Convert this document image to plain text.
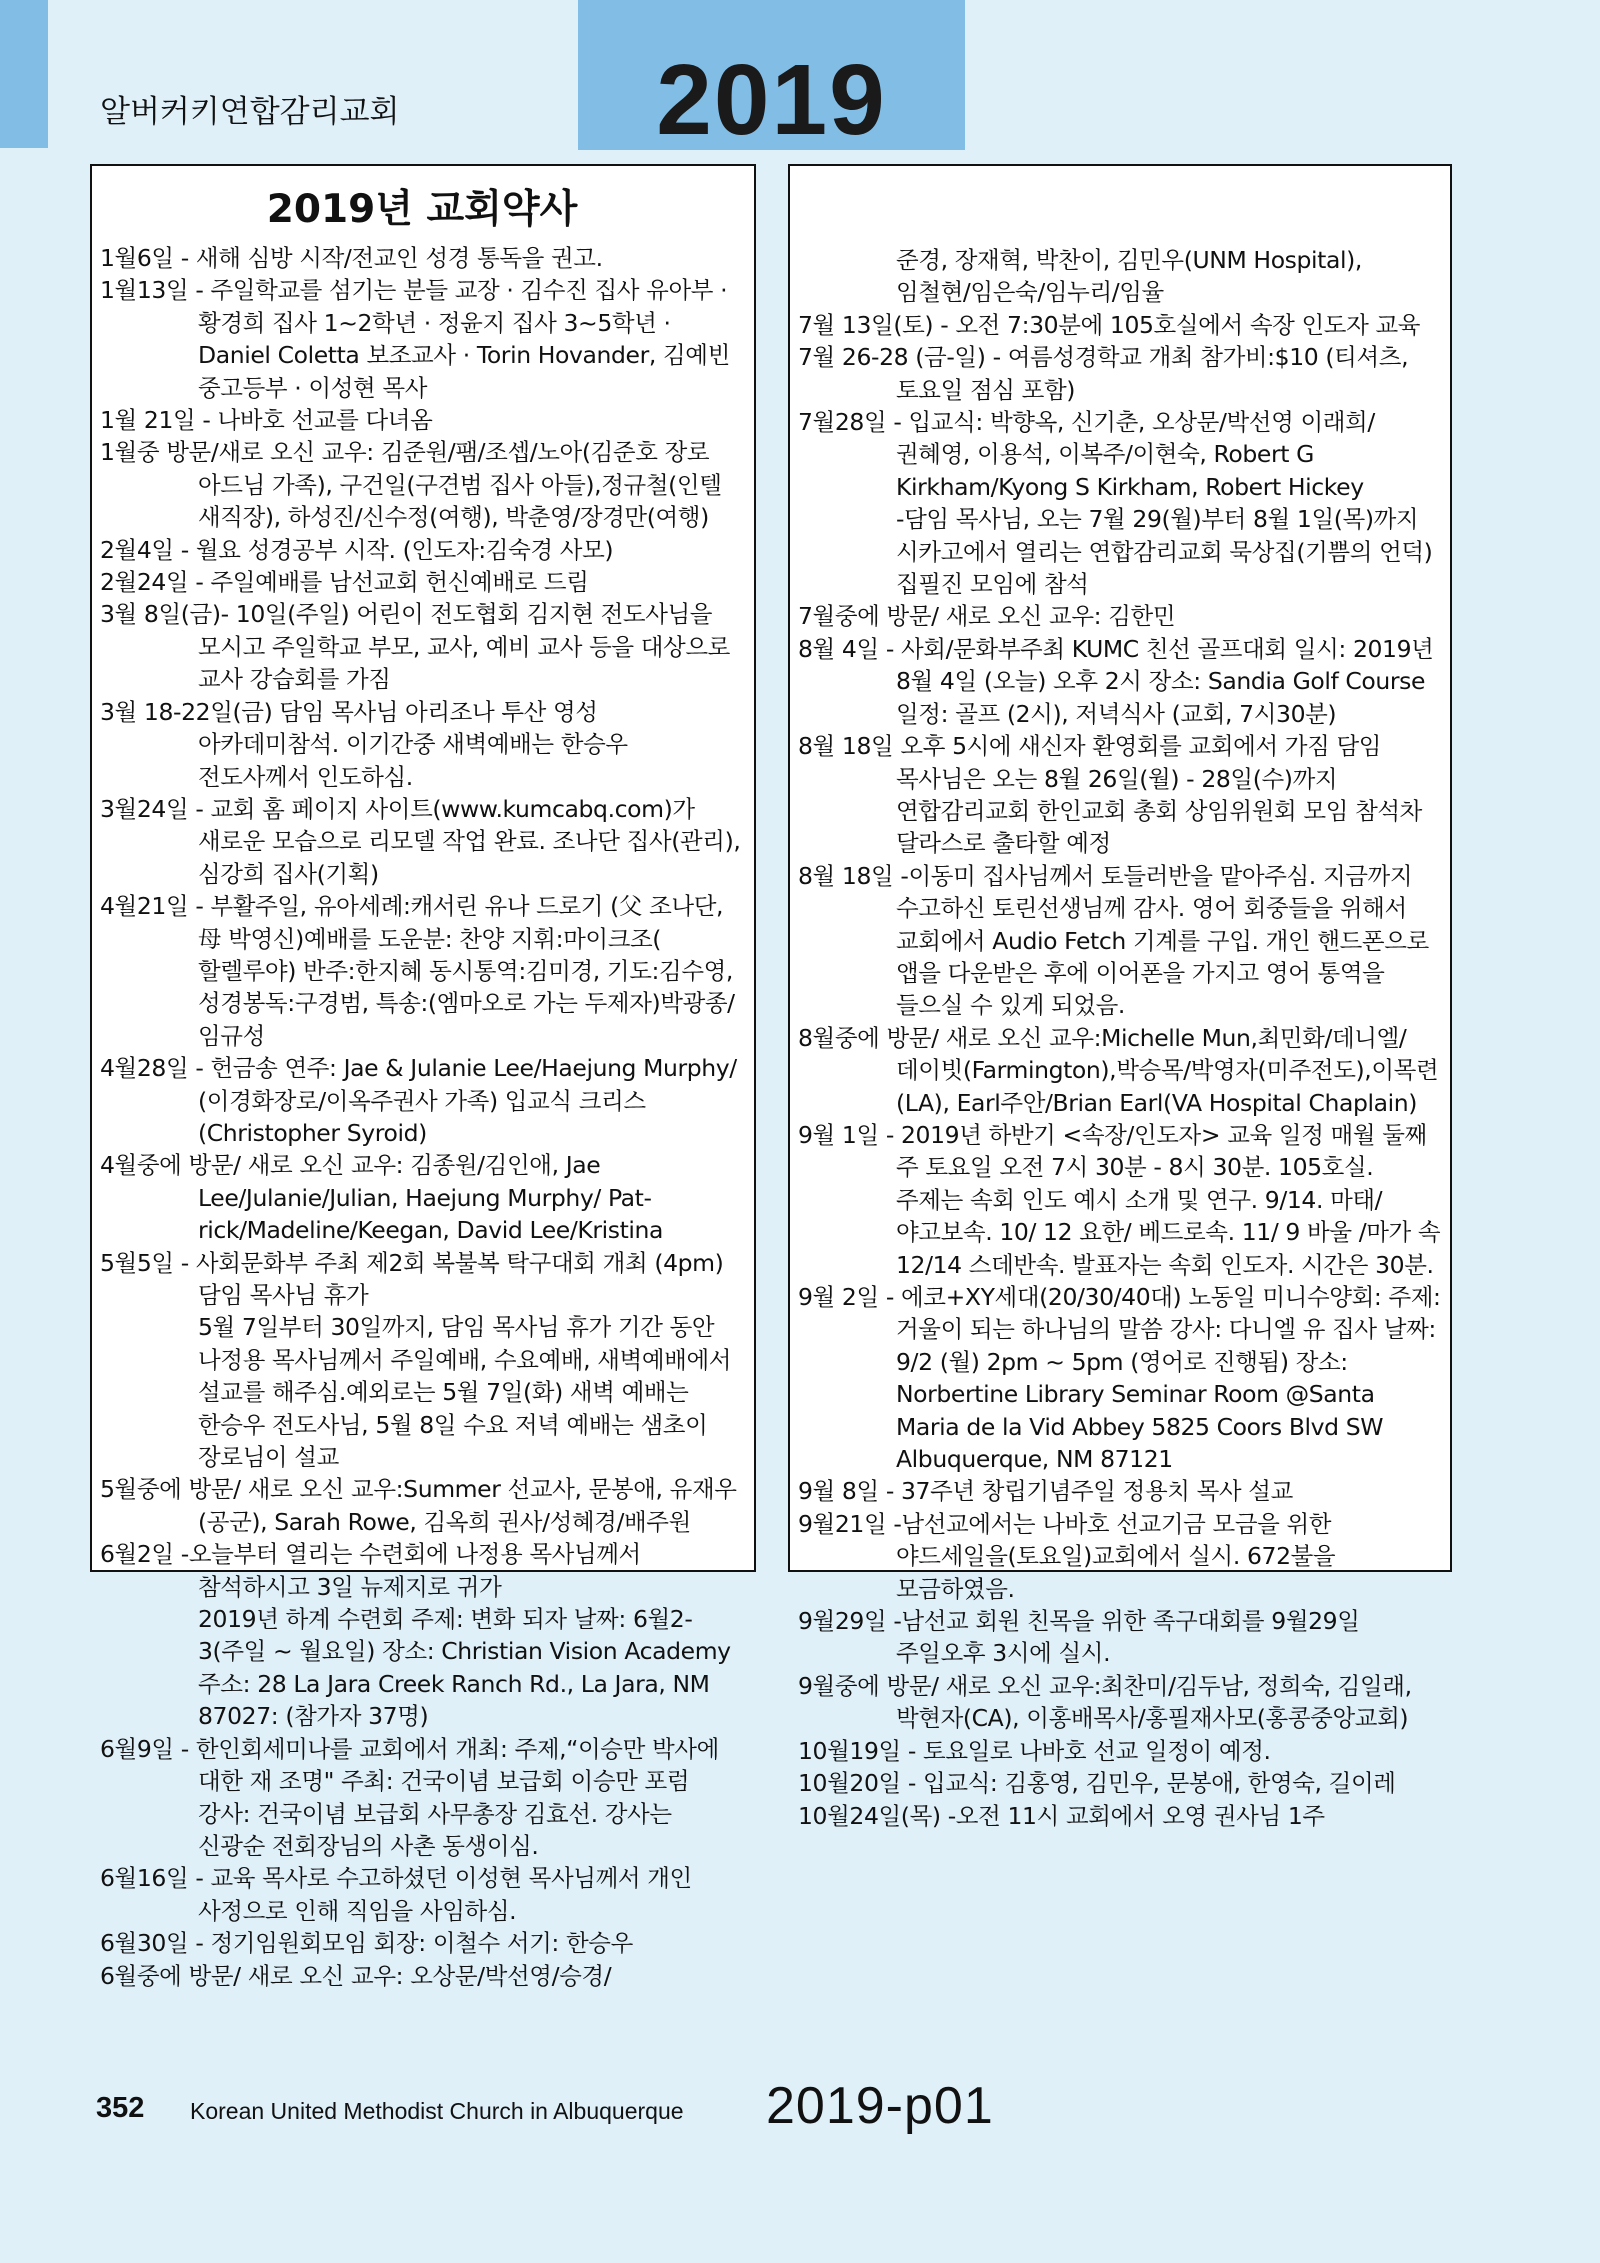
알버커키연합감리교회	2019
2019년 교회약사
1월6일 - 새해 심방 시작/전교인 성경 통독을 권고.
1월13일 - 주일학교를 섬기는 분들 교장 · 김수진 집사 유아부 · 황경희 집사 1~2학년 · 정윤지 집사 3~5학년 · Daniel Coletta 보조교사 · Torin Hovander, 김예빈 중고등부 · 이성현 목사
1월 21일 - 나바호 선교를 다녀옴
1월중 방문/새로 오신 교우: 김준원/팸/조셉/노아(김준호 장로 아드님 가족), 구건일(구견범 집사 아들),정규철(인텔 새직장), 하성진/신수정(여행), 박춘영/장경만(여행)
2월4일 - 월요 성경공부 시작. (인도자:김숙경 사모)
2월24일 - 주일예배를 남선교회 헌신예배로 드림
3월 8일(금)- 10일(주일) 어린이 전도협회 김지현 전도사님을 모시고 주일학교 부모, 교사, 예비 교사 등을 대상으로 교사 강습회를 가짐
3월 18-22일(금) 담임 목사님 아리조나 투산 영성 아카데미참석. 이기간중 새벽예배는 한승우 전도사께서 인도하심.
3월24일 - 교회 홈 페이지 사이트(www.kumcabq.com)가 새로운 모습으로 리모델 작업 완료. 조나단 집사(관리), 심강희 집사(기획)
4월21일 - 부활주일, 유아세례:캐서린 유나 드로기 (父 조나단, 母 박영신)예배를 도운분: 찬양 지휘:마이크조( 할렐루야) 반주:한지혜 동시통역:김미경, 기도:김수영, 성경봉독:구경범, 특송:(엠마오로 가는 두제자)박광종/임규성
4월28일 - 헌금송 연주: Jae & Julanie Lee/Haejung Murphy/ (이경화장로/이옥주권사 가족) 입교식 크리스 (Christopher Syroid)
4월중에 방문/ 새로 오신 교우: 김종원/김인애, Jae Lee/Julanie/Julian, Haejung Murphy/ Pat-rick/Madeline/Keegan, David Lee/Kristina
5월5일 - 사회문화부 주최 제2회 복불복 탁구대회 개최 (4pm) 담임 목사님 휴가
5월 7일부터 30일까지, 담임 목사님 휴가 기간 동안 나정용 목사님께서 주일예배, 수요예배, 새벽예배에서 설교를 해주심.예외로는 5월 7일(화) 새벽 예배는 한승우 전도사님, 5월 8일 수요 저녁 예배는 샘초이 장로님이 설교
5월중에 방문/ 새로 오신 교우:Summer 선교사, 문봉애, 유재우(공군), Sarah Rowe, 김옥희 권사/성혜경/배주원
6월2일 -오늘부터 열리는 수련회에 나정용 목사님께서 참석하시고 3일 뉴제지로 귀가
2019년 하계 수련회 주제: 변화 되자 날짜: 6월2-3(주일 ~ 월요일) 장소: Christian Vision Academy 주소: 28 La Jara Creek Ranch Rd., La Jara, NM 87027: (참가자 37명)
6월9일 - 한인회세미나를 교회에서 개최: 주제,“이승만 박사에 대한 재 조명" 주최: 건국이념 보급회 이승만 포럼 강사: 건국이념 보급회 사무총장 김효선. 강사는 신광순 전회장님의 사촌 동생이심.
6월16일 - 교육 목사로 수고하셨던 이성현 목사님께서 개인 사정으로 인해 직임을 사임하심.
6월30일 - 정기임원회모임 회장: 이철수 서기: 한승우
6월중에 방문/ 새로 오신 교우: 오상문/박선영/승경/
준경, 장재혁, 박찬이, 김민우(UNM Hospital), 임철현/임은숙/임누리/임율
7월 13일(토) - 오전 7:30분에 105호실에서 속장 인도자 교육
7월 26-28 (금-일) - 여름성경학교 개최 참가비:$10 (티셔츠, 토요일 점심 포함)
7월28일 - 입교식: 박향옥, 신기춘, 오상문/박선영 이래희/권혜영, 이용석, 이복주/이현숙, Robert G Kirkham/Kyong S Kirkham, Robert Hickey
-담임 목사님, 오는 7월 29(월)부터 8월 1일(목)까지 시카고에서 열리는 연합감리교회 묵상집(기쁨의 언덕) 집필진 모임에 참석
7월중에 방문/ 새로 오신 교우: 김한민
8월 4일 - 사회/문화부주최 KUMC 친선 골프대회 일시: 2019년 8월 4일 (오늘) 오후 2시 장소: Sandia Golf Course 일정: 골프 (2시), 저녁식사 (교회, 7시30분)
8월 18일 오후 5시에 새신자 환영회를 교회에서 가짐 담임 목사님은 오는 8월 26일(월) - 28일(수)까지 연합감리교회 한인교회 총회 상임위원회 모임 참석차 달라스로 출타할 예정
8월 18일 -이동미 집사님께서 토들러반을 맡아주심. 지금까지 수고하신 토린선생님께 감사. 영어 회중들을 위해서 교회에서 Audio Fetch 기계를 구입. 개인 핸드폰으로 앱을 다운받은 후에 이어폰을 가지고 영어 통역을 들으실 수 있게 되었음.
8월중에 방문/ 새로 오신 교우:Michelle Mun,최민화/데니엘/데이빗(Farmington),박승목/박영자(미주전도),이목련(LA), Earl주안/Brian Earl(VA Hospital Chaplain)
9월 1일 - 2019년 하반기 <속장/인도자> 교육 일정 매월 둘째 주 토요일 오전 7시 30분 - 8시 30분. 105호실. 주제는 속회 인도 예시 소개 및 연구. 9/14. 마태/야고보속. 10/ 12 요한/ 베드로속. 11/ 9 바울 /마가 속 12/14 스데반속. 발표자는 속회 인도자. 시간은 30분.
9월 2일 - 에코+XY세대(20/30/40대) 노동일 미니수양회: 주제: 거울이 되는 하나님의 말씀 강사: 다니엘 유 집사 날짜: 9/2 (월) 2pm ~ 5pm (영어로 진행됨) 장소: Norbertine Library Seminar Room @Santa Maria de la Vid Abbey 5825 Coors Blvd SW Albuquerque, NM 87121
9월 8일 - 37주년 창립기념주일 정용치 목사 설교
9월21일 -남선교에서는 나바호 선교기금 모금을 위한 야드세일을(토요일)교회에서 실시. 672불을 모금하였음.
9월29일 -남선교 회원 친목을 위한 족구대회를 9월29일 주일오후 3시에 실시.
9월중에 방문/ 새로 오신 교우:최찬미/김두남, 정희숙, 김일래, 박현자(CA), 이홍배목사/홍필재사모(홍콩중앙교회)
10월19일 - 토요일로 나바호 선교 일정이 예정.
10월20일 - 입교식: 김홍영, 김민우, 문봉애, 한영숙, 길이레
10월24일(목) -오전 11시 교회에서 오영 권사님 1주
352 Korean United Methodist Church in Albuquerque 2019-p01
